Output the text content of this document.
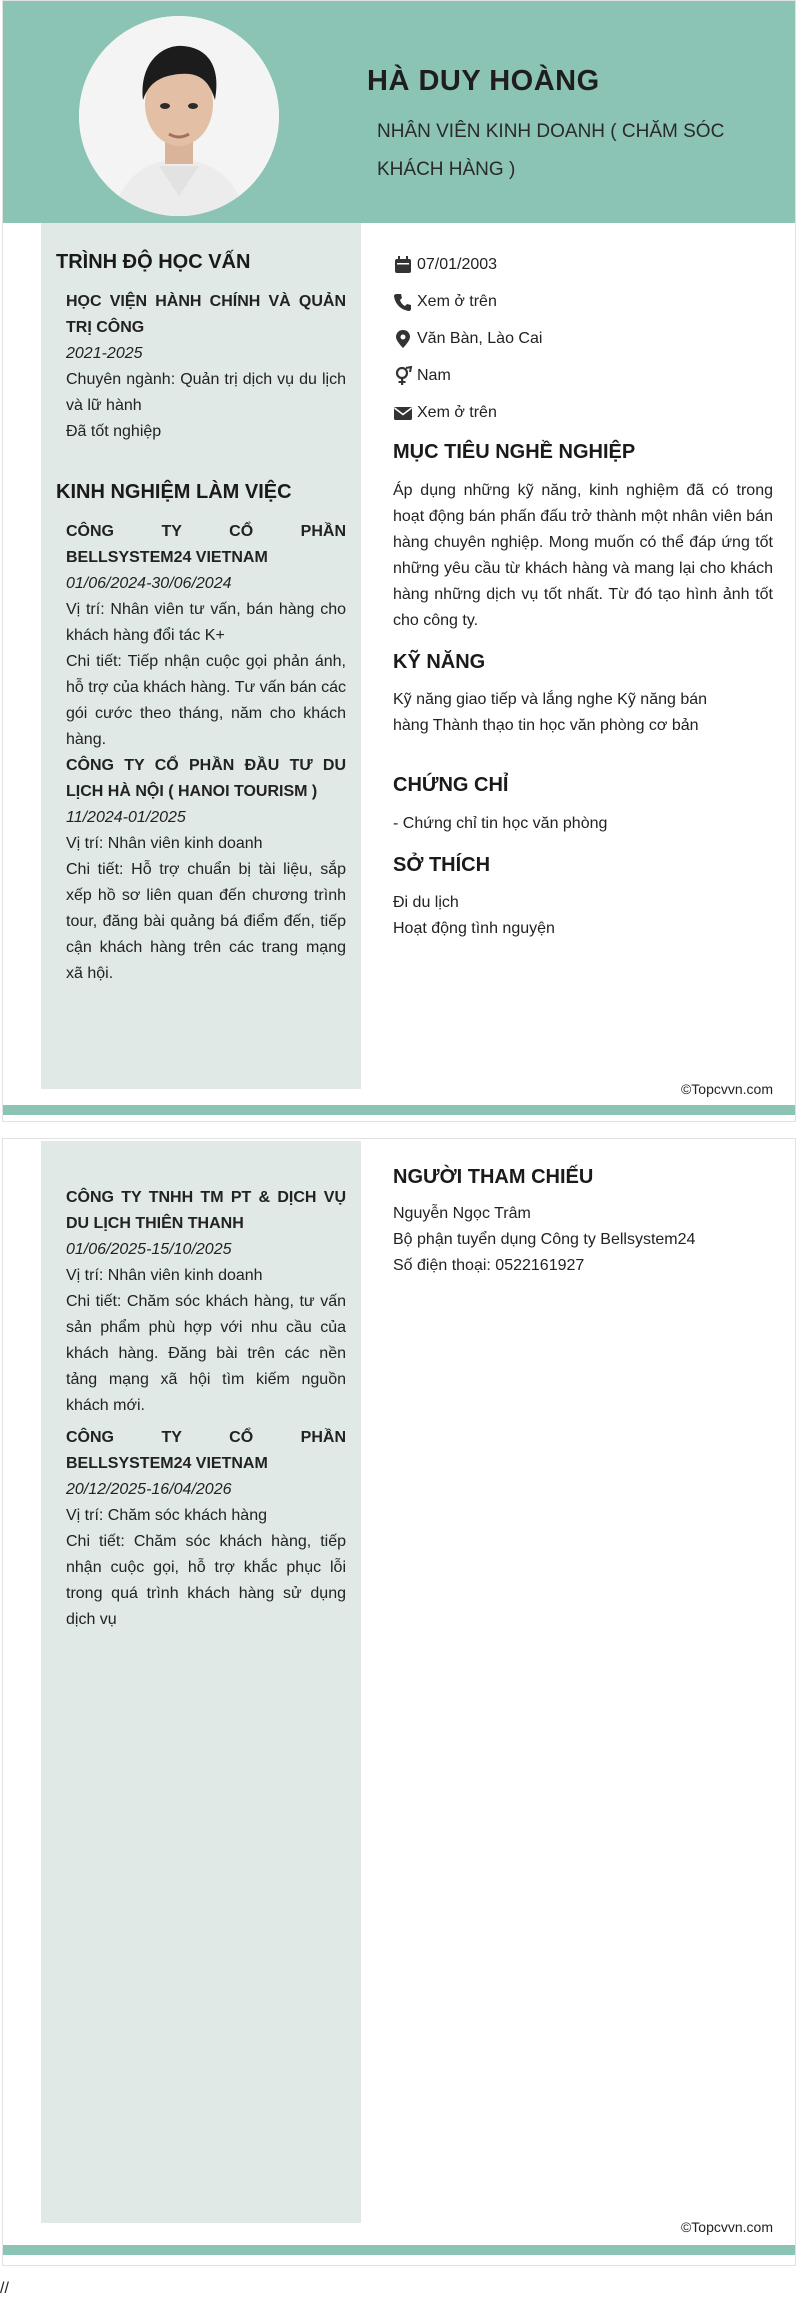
HÀ DUY HOÀNG

NHÂN VIÊN KINH DOANH ( CHĂM SÓC KHÁCH HÀNG )

TRÌNH ĐỘ HỌC VẤN

HỌC VIỆN HÀNH CHÍNH VÀ QUẢN TRỊ CÔNG

2021-2025

Chuyên ngành: Quản trị dịch vụ du lịch và lữ hành

Đã tốt nghiệp

KINH NGHIỆM LÀM VIỆC

CÔNG TY CỔ PHẦN BELLSYSTEM24 VIETNAM

01/06/2024-30/06/2024

Vị trí: Nhân viên tư vấn, bán hàng cho khách hàng đổi tác K+

Chi tiết: Tiếp nhận cuộc gọi phản ánh, hỗ trợ của khách hàng. Tư vấn bán các gói cước theo tháng, năm cho khách hàng.

CÔNG TY CỔ PHẦN ĐẦU TƯ DU LỊCH HÀ NỘI ( HANOI TOURISM )

11/2024-01/2025

Vị trí: Nhân viên kinh doanh

Chi tiết: Hỗ trợ chuẩn bị tài liệu, sắp xếp hồ sơ liên quan đến chương trình tour, đăng bài quảng bá điểm đến, tiếp cận khách hàng trên các trang mạng xã hội.

07/01/2003
Xem ở trên
Văn Bàn, Lào Cai
Nam
Xem ở trên
MỤC TIÊU NGHỀ NGHIỆP

Áp dụng những kỹ năng, kinh nghiệm đã có trong hoạt động bán phấn đấu trở thành một nhân viên bán hàng chuyên nghiệp. Mong muốn có thể đáp ứng tốt những yêu cầu từ khách hàng và mang lại cho khách hàng những dịch vụ tốt nhất. Từ đó tạo hình ảnh tốt cho công ty.

KỸ NĂNG

Kỹ năng giao tiếp và lắng nghe Kỹ năng bán hàng Thành thạo tin học văn phòng cơ bản

CHỨNG CHỈ

- Chứng chỉ tin học văn phòng

SỞ THÍCH

Đi du lịch

Hoạt động tình nguyện

©Topcvvn.com

CÔNG TY TNHH TM PT & DỊCH VỤ DU LỊCH THIÊN THANH

01/06/2025-15/10/2025

Vị trí: Nhân viên kinh doanh

Chi tiết: Chăm sóc khách hàng, tư vấn sản phẩm phù hợp với nhu cầu của khách hàng. Đăng bài trên các nền tảng mạng xã hội tìm kiếm nguồn khách mới.

CÔNG TY CỔ PHẦN BELLSYSTEM24 VIETNAM

20/12/2025-16/04/2026

Vị trí: Chăm sóc khách hàng

Chi tiết: Chăm sóc khách hàng, tiếp nhận cuộc gọi, hỗ trợ khắc phục lỗi trong quá trình khách hàng sử dụng dịch vụ

NGƯỜI THAM CHIẾU

Nguyễn Ngọc Trâm

Bộ phận tuyển dụng Công ty Bellsystem24

Số điện thoại: 0522161927

©Topcvvn.com
//
